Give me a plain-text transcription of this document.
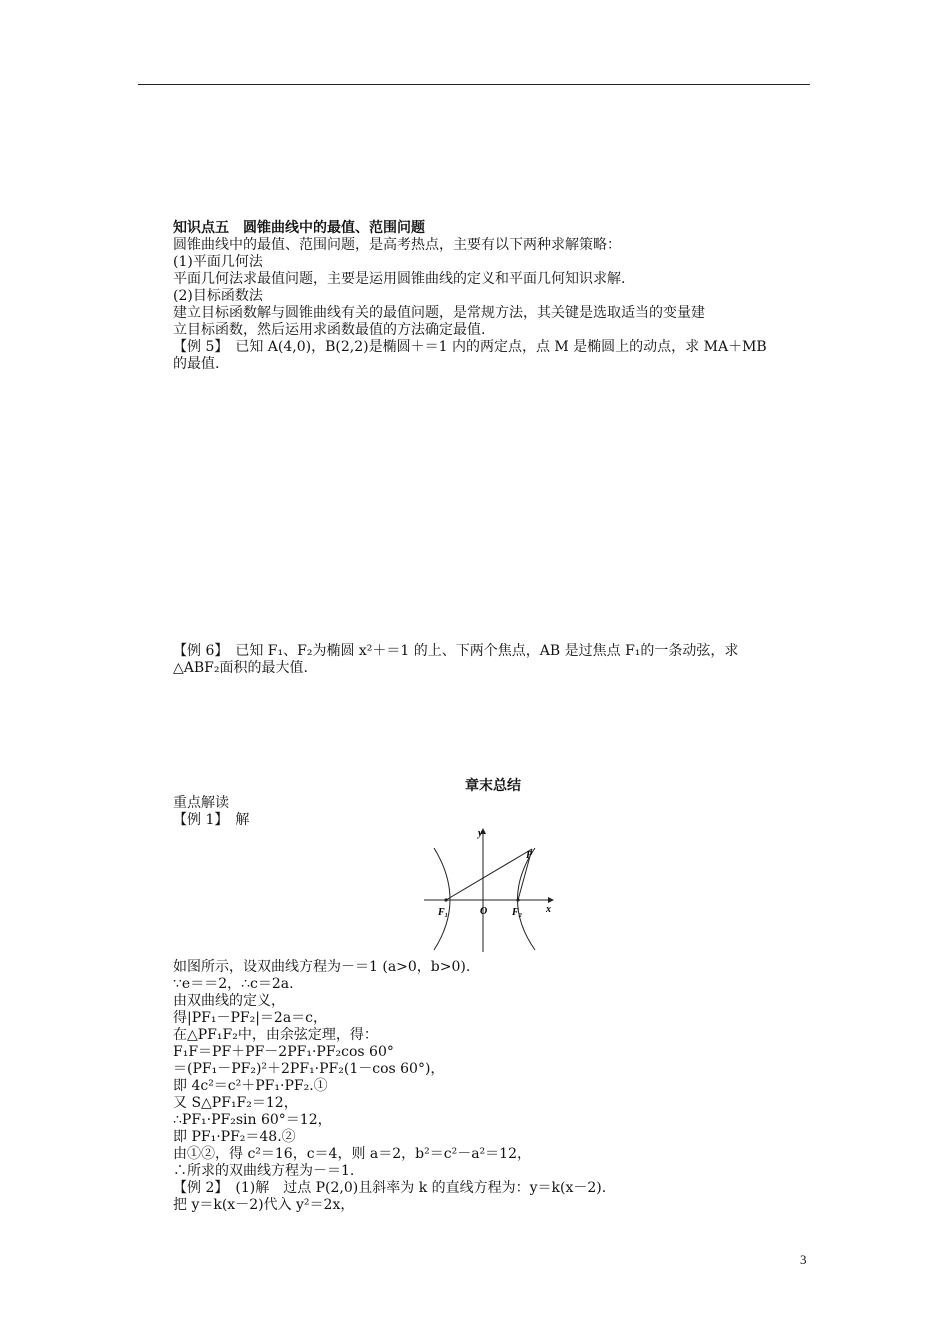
知识点五　圆锥曲线中的最值、范围问题
圆锥曲线中的最值、范围问题，是高考热点，主要有以下两种求解策略：
(1)平面几何法
平面几何法求最值问题，主要是运用圆锥曲线的定义和平面几何知识求解.
(2)目标函数法
建立目标函数解与圆锥曲线有关的最值问题，是常规方法，其关键是选取适当的变量建
立目标函数，然后运用求函数最值的方法确定最值.
【例 5】　已知 A(4,0)，B(2,2)是椭圆＋＝1 内的两定点，点 M 是椭圆上的动点，求 MA＋MB
的最值.
【例 6】　已知 F₁、F₂为椭圆 x²＋＝1 的上、下两个焦点，AB 是过焦点 F₁的一条动弦，求
△ABF₂面积的最大值.
章末总结
重点解读
【例 1】　解
y
x
O
P
F₁	F₂
如图所示，设双曲线方程为－＝1 (a>0，b>0).
∵e＝＝2，∴c＝2a.
由双曲线的定义，
得|PF₁－PF₂|＝2a＝c，
在△PF₁F₂中，由余弦定理，得：
F₁F＝PF＋PF－2PF₁·PF₂cos 60°
＝(PF₁－PF₂)²＋2PF₁·PF₂(1－cos 60°)，
即 4c²＝c²＋PF₁·PF₂.①
又 S△PF₁F₂＝12，
∴PF₁·PF₂sin 60°＝12，
即 PF₁·PF₂＝48.②
由①②，得 c²＝16，c＝4，则 a＝2，b²＝c²－a²＝12，
∴所求的双曲线方程为－＝1.
【例 2】　(1)解　过点 P(2,0)且斜率为 k 的直线方程为：y＝k(x－2).
把 y＝k(x－2)代入 y²＝2x，
3
